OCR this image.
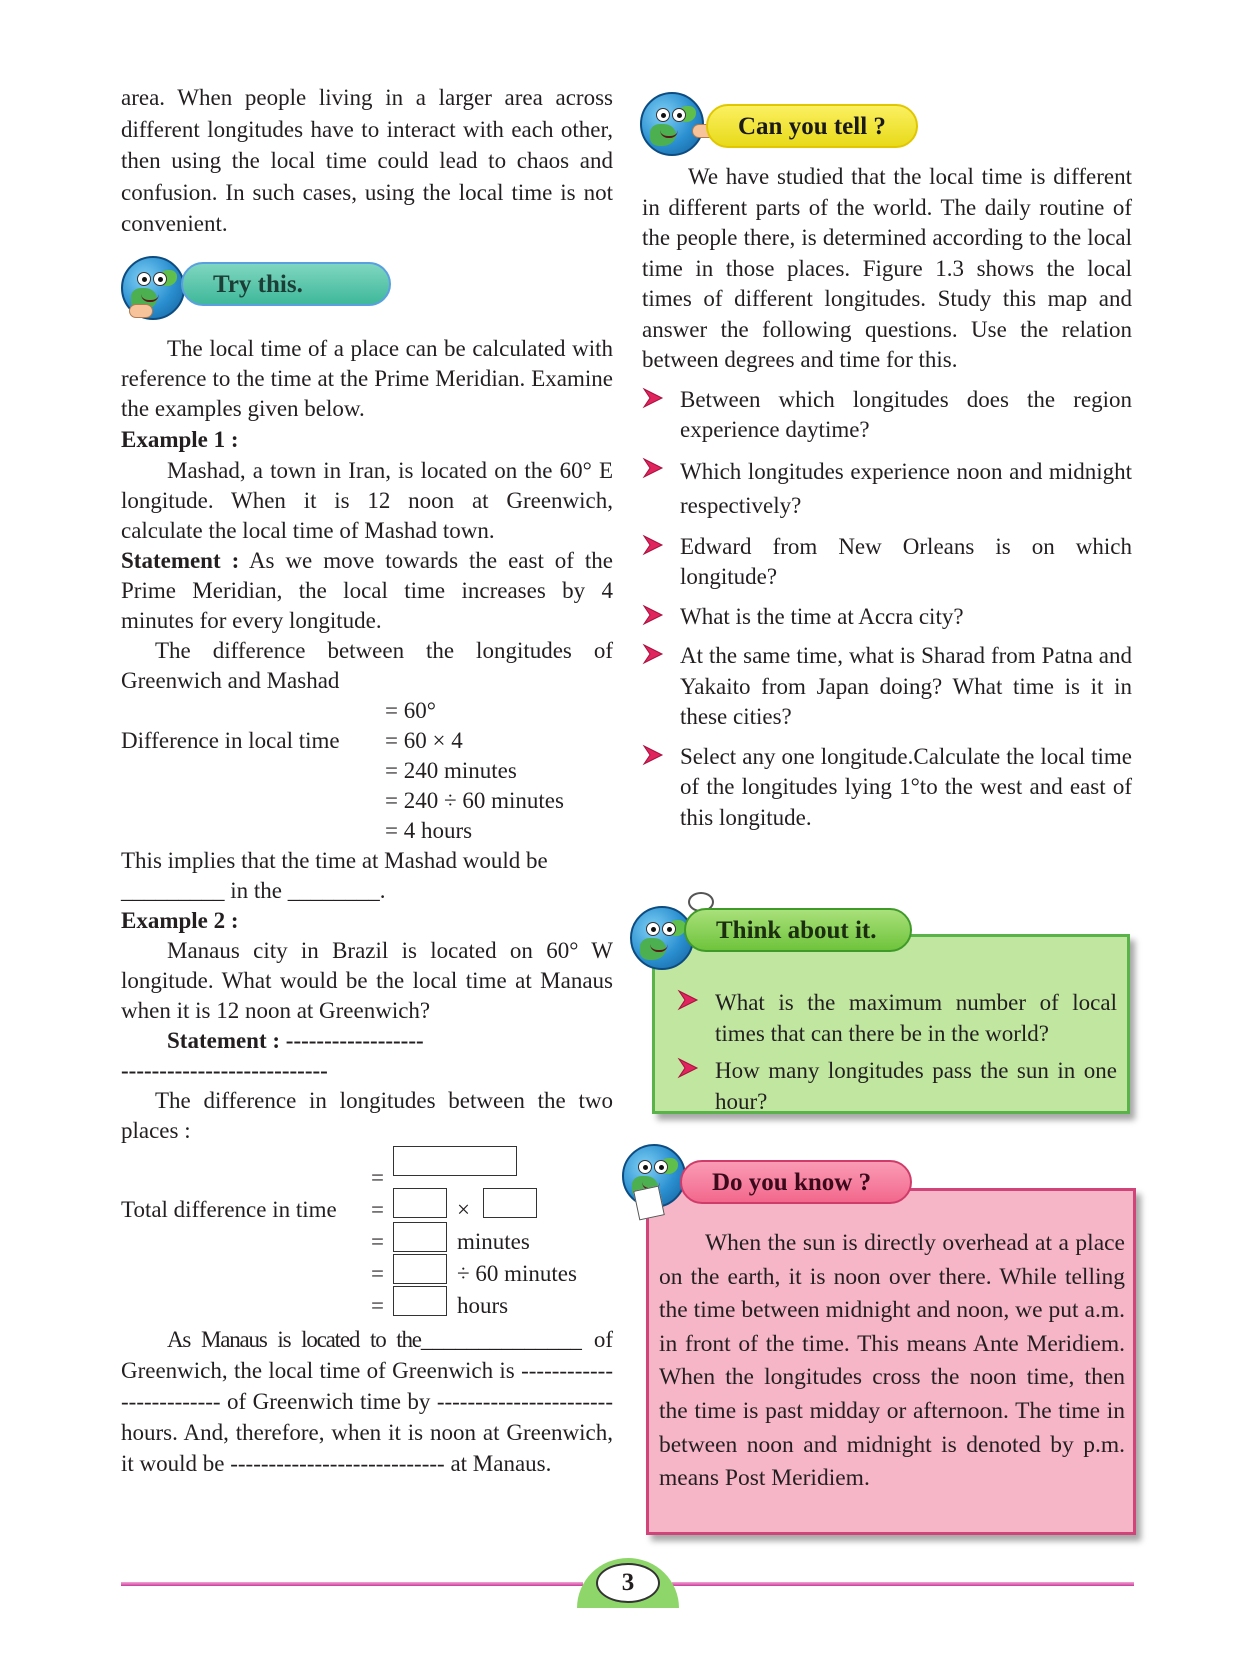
area. When people living in a larger area across different longitudes have to interact with each other, then using the local time could lead to chaos and confusion. In such cases, using the local time is not convenient.

Try this.

The local time of a place can be calculated with reference to the time at the Prime Meridian. Examine the examples given below.

Example 1 :

Mashad, a town in Iran, is located on the 60° E longitude. When it is 12 noon at Greenwich, calculate the local time of Mashad town.

Statement : As we move towards the east of the Prime Meridian, the local time increases by 4 minutes for every longitude.

The difference between the longitudes of Greenwich and Mashad

= 60°
Difference in local time = 60 × 4
= 240 minutes
= 240 ÷ 60 minutes
= 4 hours

This implies that the time at Mashad would be

_________ in the ________.

Example 2 :

Manaus city in Brazil is located on 60° W longitude. What would be the local time at Manaus when it is 12 noon at Greenwich?

Statement : ------------------

---------------------------

The difference in longitudes between the two places :

=
Total difference in time =	×
=	minutes
=	÷ 60 minutes
=	hours

As Manaus is located to the______________ of Greenwich, the local time of Greenwich is ------------------------- of Greenwich time by ----------------------- hours. And, therefore, when it is noon at Greenwich, it would be ---------------------------- at Manaus.

Can you tell ?

We have studied that the local time is different in different parts of the world. The daily routine of the people there, is determined according to the local time in those places. Figure 1.3 shows the local times of different longitudes. Study this map and answer the following questions. Use the relation between degrees and time for this.

Between which longitudes does the region experience daytime?
Which longitudes experience noon and midnight respectively?
Edward from New Orleans is on which longitude?
What is the time at Accra city?
At the same time, what is Sharad from Patna and Yakaito from Japan doing? What time is it in these cities?
Select any one longitude.Calculate the local time of the longitudes lying 1°to the west and east of this longitude.
What is the maximum number of local times that can there be in the world?
How many longitudes pass the sun in one hour?
Think about it.

When the sun is directly overhead at a place on the earth, it is noon over there. While telling the time between midnight and noon, we put a.m. in front of the time. This means Ante Meridiem. When the longitudes cross the noon time, then the time is past midday or afternoon. The time in between noon and midnight is denoted by p.m. means Post Meridiem.

Do you know ?
3
